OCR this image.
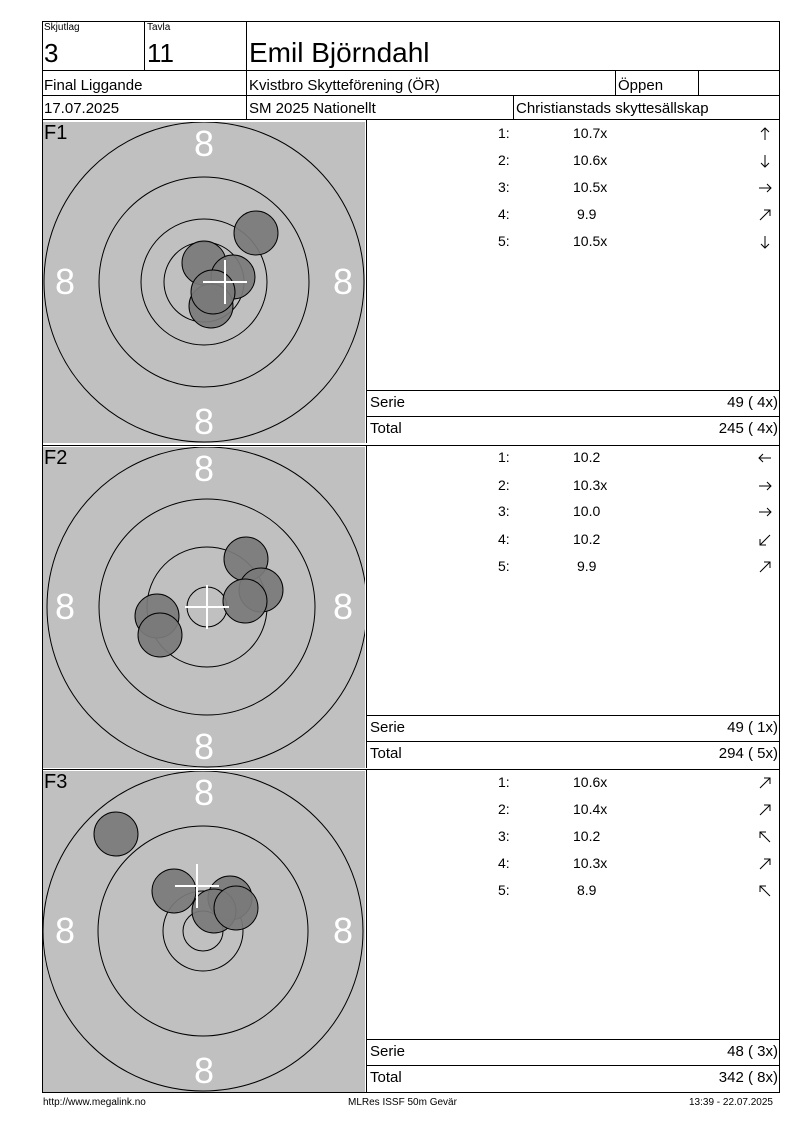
Skjutlag
3
Tavla
11	Emil Björndahl
Final Liggande	Kvistbro Skytteförening (ÖR)	Öppen
17.07.2025	SM 2025 Nationellt	Christianstads skyttesällskap
8
8	8
8
F1	1:	10.7x
2:	10.6x
3:	10.5x
4:	9.9
5:	10.5x
Serie	49 ( 4x)
Total	245 ( 4x)
8
8	8
8
F2	1:	10.2
2:	10.3x
3:	10.0
4:	10.2
5:	9.9
Serie	49 ( 1x)
Total	294 ( 5x)
8
8	8
8
F3	1:	10.6x
2:	10.4x
3:	10.2
4:	10.3x
5:	8.9
Serie	48 ( 3x)
Total	342 ( 8x)
http://www.megalink.no	MLRes ISSF 50m Gevär	13:39 - 22.07.2025
